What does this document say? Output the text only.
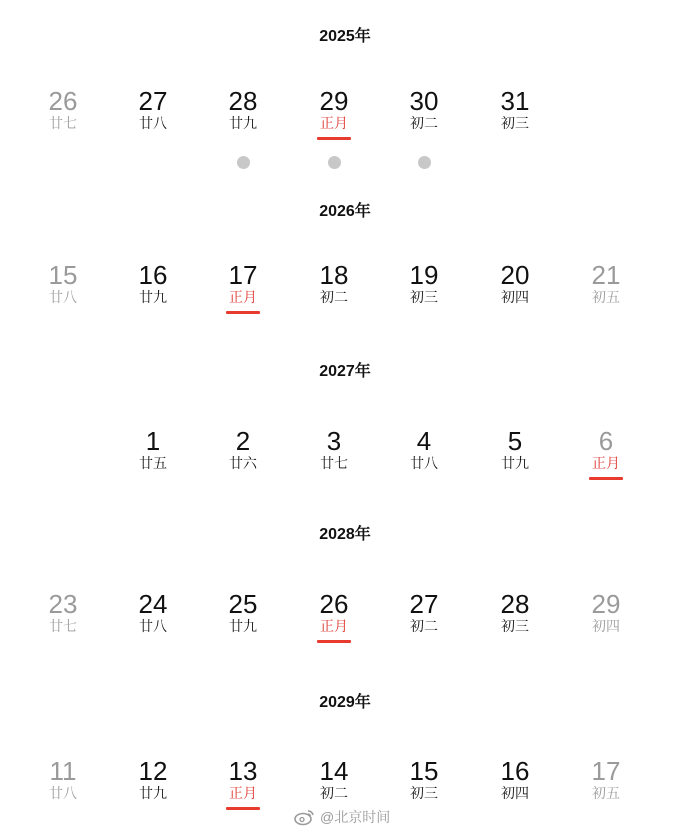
2025年
26
廿七
27
廿八
28
廿九
29
正月
30
初二
31
初三
2026年
15
廿八
16
廿九
17
正月
18
初二
19
初三
20
初四
21
初五
2027年
1
廿五
2
廿六
3
廿七
4
廿八
5
廿九
6
正月
2028年
23
廿七
24
廿八
25
廿九
26
正月
27
初二
28
初三
29
初四
2029年
11
廿八
12
廿九
13
正月
14
初二
15
初三
16
初四
17
初五
@北京时间
